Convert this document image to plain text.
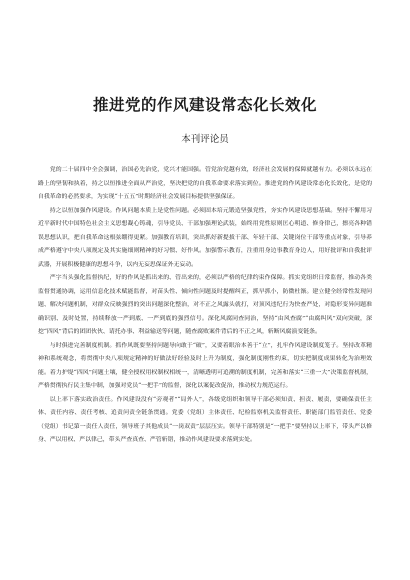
推进党的作风建设常态化长效化
本刊评论员

党的二十届四中全会强调，治国必先治党，党兴才能国强。管党治党越有效，经济社会发展的保障就越有力。必须以永远在路上的坚韧和执着，持之以恒推进全面从严治党，坚决把党的自我革命要求落实到位。推进党的作风建设常态化长效化，是党的自我革命的必然要求，为实现“十五五”时期经济社会发展目标提供坚强保证。

持之以恒加强作风建设。作风问题本质上是党性问题。必须固本培元锻造坚强党性，夯实作风建设思想基础。坚持不懈用习近平新时代中国特色社会主义思想凝心铸魂，引导党员、干部加强理论武装，始终用党性原则匡心明道、修身律己，擦亮各种错误思想认识，把自我革命这根弦绷得更紧。加强教育培训，突出抓好新提拔干部、年轻干部、关键岗位干部等重点对象，引导养成严格遵守中央八项规定及其实施细则精神的好习惯、好作风。加强警示教育，注重用身边事教育身边人，用好批评和自我批评武器，开展积极健康的思想斗争，以内无妄思保证外无妄动。

严字当头强化监督执纪，好的作风是抓出来的、管出来的，必须以严格的纪律约束作保障。抓实党组织日常监督，推动各类监督贯通协调，运用信息化技术赋能监督，对苗头性、倾向性问题及时提醒纠正，抓早抓小，防微杜渐。建立健全经常性发现问题、解决问题机制，对群众反映强烈的突出问题深化整治，对不正之风露头就打，对顶风违纪行为快查严处，对隐形变异问题准确识别、及时处置，持续释放一严到底、一严到底的强烈信号。深化风腐同查同治，坚持“由风查腐”“由腐纠风”双向突破，深挖“四风”背后的团团伙伙、请托办事、利益输送等问题，随查腐败案件背后的不正之风，斩断风腐演变链条。

与时俱进完善制度机制。抓作风既要坚持问题导向敢于“破”，又要着眼治本善于“立”，扎牢作风建设制度笼子。坚持改革精神和系统观念，将贯彻中央八项规定精神的好做法好经验及时上升为制度，强化制度刚性约束，切实把制度成果转化为治理效能。着力护堤“四风”问题土壤，健全授权用权制权相统一，清晰透明可追溯的制度机制，完善和落实“三重一大”决策监督机制，严格贯彻执行民主集中制，加强对党员“一把手”的监督，深化以案促改促治，推动权力规范运行。

以上率下落实政治责任。作风建设没有“旁观者”“局外人”，各级党组织和领导干部必须知责、担责、履责，要确保责任主体、责任内容、责任考核、追责问责全链条贯通。党委（党组）主体责任、纪检监察机关监督责任、职能部门监管责任、党委（党组）书记第一责任人责任，领导班子其他成员“一岗双责”层层压实。领导干部特别是“一把手”要坚持以上率下，带头严以修身、严以用权、严以律己，带头严查真查、严管斩错，推动作风建设要求落到实处。
